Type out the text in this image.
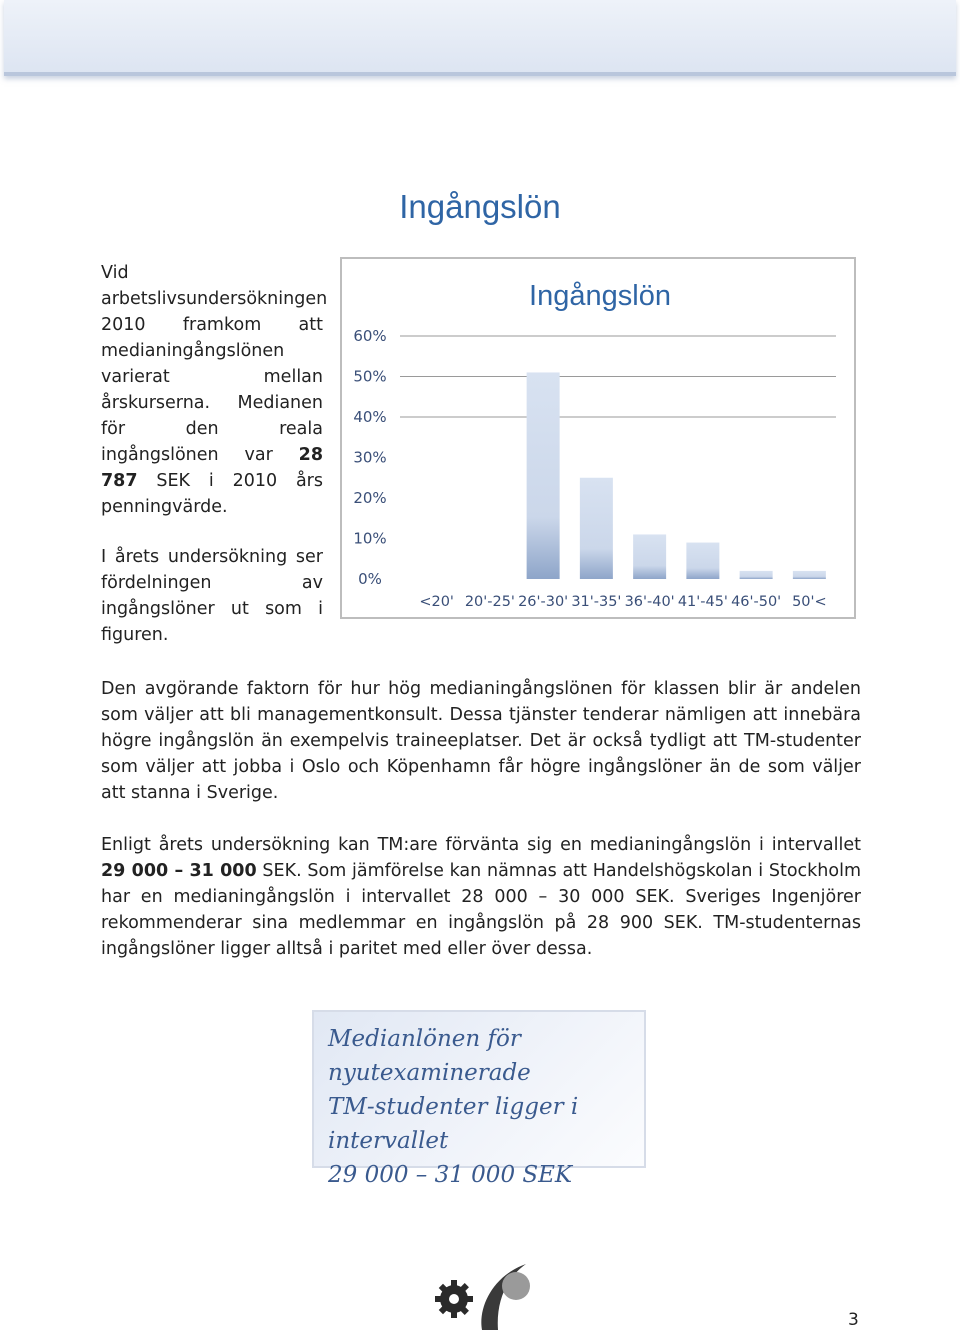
Ingångslön

Vid arbetslivsundersökningen 2010 framkom att medianingångslönen varierat mellan årskurserna. Medianen för den reala ingångslönen var 28 787 SEK i 2010 års penningvärde.

I årets undersökning ser fördelningen av ingångslöner ut som i figuren.

0%
10%
20%
30%
40%
50%
60%
<20' 20'-25' 26'-30' 31'-35' 36'-40' 41'-45' 46'-50' 50'<
Ingångslön

Den avgörande faktorn för hur hög medianingångslönen för klassen blir är andelen som väljer att bli managementkonsult. Dessa tjänster tenderar nämligen att innebära högre ingångslön än exempelvis traineeplatser. Det är också tydligt att TM-studenter som väljer att jobba i Oslo och Köpenhamn får högre ingångslöner än de som väljer att stanna i Sverige.

Enligt årets undersökning kan TM:are förvänta sig en medianingångslön i intervallet 29 000 – 31 000 SEK. Som jämförelse kan nämnas att Handelshögskolan i Stockholm har en medianingångslön i intervallet 28 000 – 30 000 SEK. Sveriges Ingenjörer rekommenderar sina medlemmar en ingångslön på 28 900 SEK. TM-studenternas ingångslöner ligger alltså i paritet med eller över dessa.

Medianlönen för nyutexaminerade
TM-studenter ligger i intervallet
29 000 – 31 000 SEK
3
